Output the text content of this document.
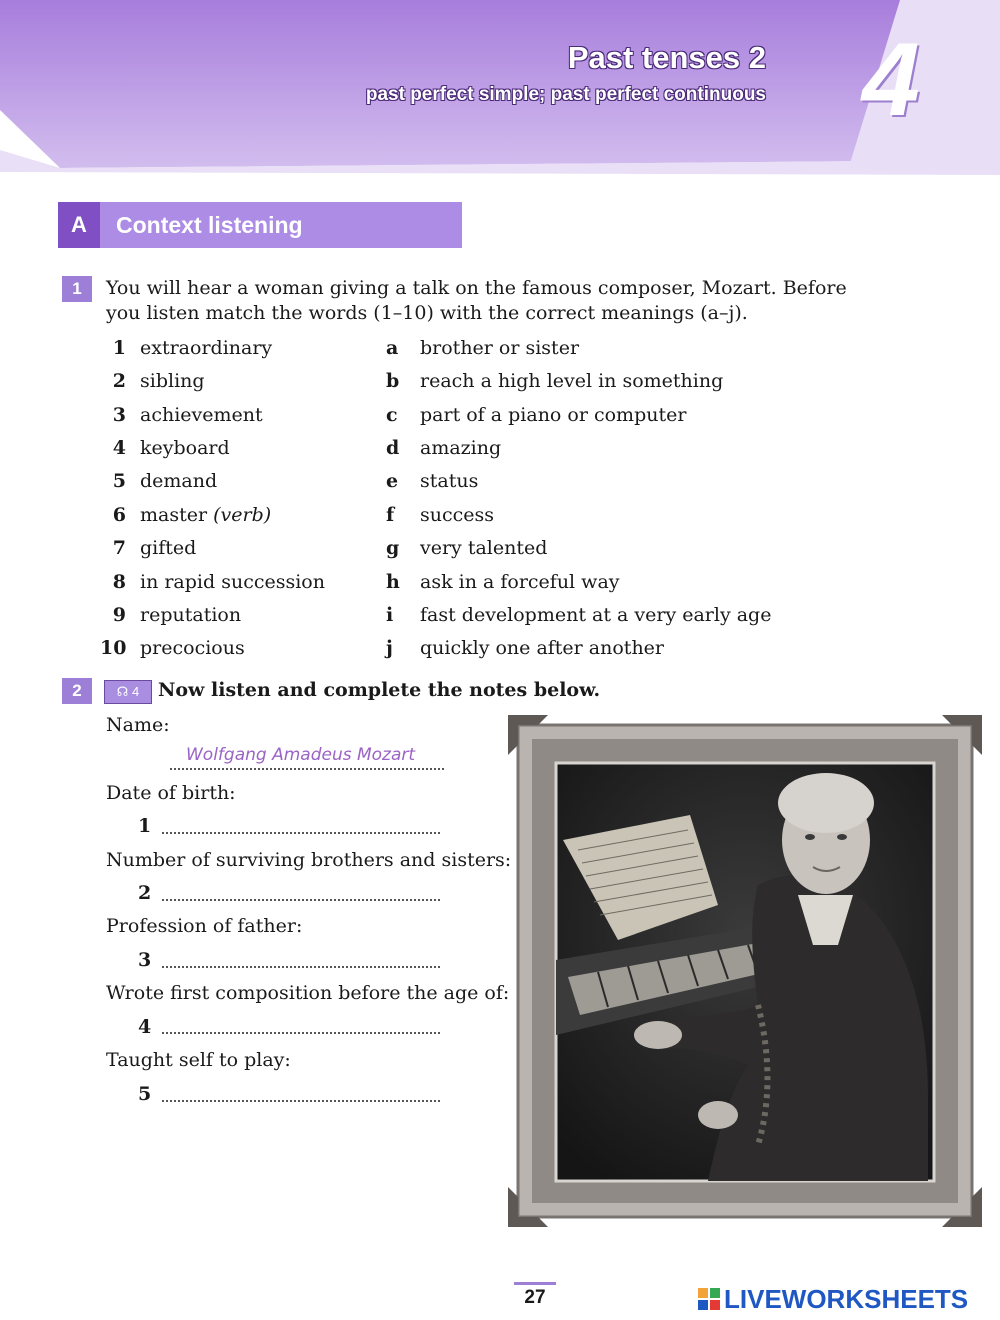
Past tenses 2
past perfect simple; past perfect continuous 4
A	Context listening
1	You will hear a woman giving a talk on the famous composer, Mozart. Before
you listen match the words (1–10) with the correct meanings (a–j).
1 extraordinary	a brother or sister
2 sibling	b reach a high level in something
3 achievement	c part of a piano or computer
4 keyboard	d amazing
5 demand	e status
6 master (verb)	f success
7 gifted	g very talented
8 in rapid succession	h ask in a forceful way
9 reputation	i fast development at a very early age
10 precocious	j quickly one after another
2	☊ 4 Now listen and complete the notes below.
Name:
Wolfgang Amadeus Mozart
Date of birth:
1
Number of surviving brothers and sisters:
2
Profession of father:
3
Wrote first composition before the age of:
4
Taught self to play:
5
27	LIVEWORKSHEETS
